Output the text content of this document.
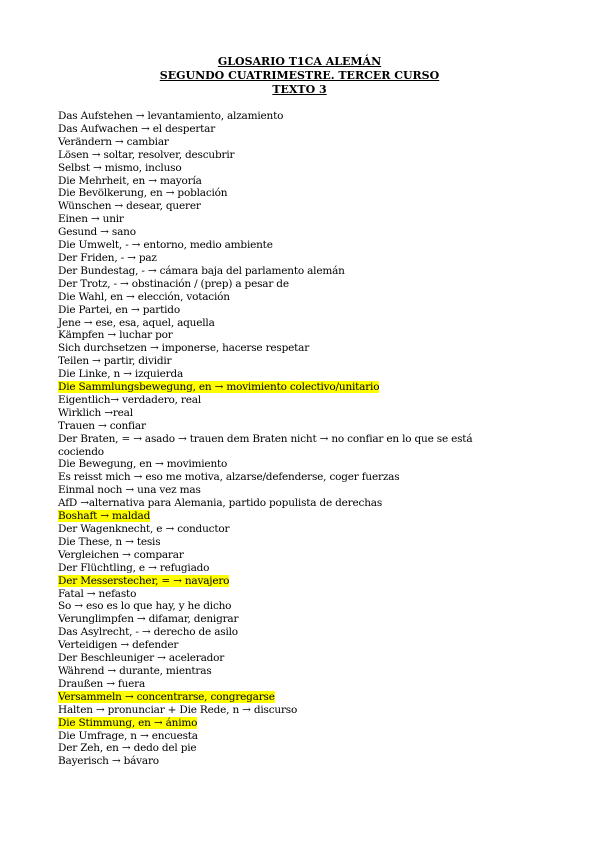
GLOSARIO T1CA ALEMÁN
SEGUNDO CUATRIMESTRE. TERCER CURSO
TEXTO 3
Das Aufstehen → levantamiento, alzamiento
Das Aufwachen → el despertar
Verändern → cambiar
Lösen → soltar, resolver, descubrir
Selbst → mismo, incluso
Die Mehrheit, en → mayoría
Die Bevölkerung, en → población
Wünschen → desear, querer
Einen → unir
Gesund → sano
Die Umwelt, - → entorno, medio ambiente
Der Friden, - → paz
Der Bundestag, - → cámara baja del parlamento alemán
Der Trotz, - → obstinación / (prep) a pesar de
Die Wahl, en → elección, votación
Die Partei, en → partido
Jene → ese, esa, aquel, aquella
Kämpfen → luchar por
Sich durchsetzen → imponerse, hacerse respetar
Teilen → partir, dividir
Die Linke, n → izquierda
Die Sammlungsbewegung, en → movimiento colectivo/unitario
Eigentlich→ verdadero, real
Wirklich →real
Trauen → confiar
Der Braten, = → asado → trauen dem Braten nicht → no confiar en lo que se está cociendo
Die Bewegung, en → movimiento
Es reisst mich → eso me motiva, alzarse/defenderse, coger fuerzas
Einmal noch → una vez mas
AfD →alternativa para Alemania, partido populista de derechas
Boshaft → maldad
Der Wagenknecht, e → conductor
Die These, n → tesis
Vergleichen → comparar
Der Flüchtling, e → refugiado
Der Messerstecher, = → navajero
Fatal → nefasto
So → eso es lo que hay, y he dicho
Verunglimpfen → difamar, denigrar
Das Asylrecht, - → derecho de asilo
Verteidigen → defender
Der Beschleuniger → acelerador
Während → durante, mientras
Draußen → fuera
Versammeln → concentrarse, congregarse
Halten → pronunciar + Die Rede, n → discurso
Die Stimmung, en → ánimo
Die Umfrage, n → encuesta
Der Zeh, en → dedo del pie
Bayerisch → bávaro
